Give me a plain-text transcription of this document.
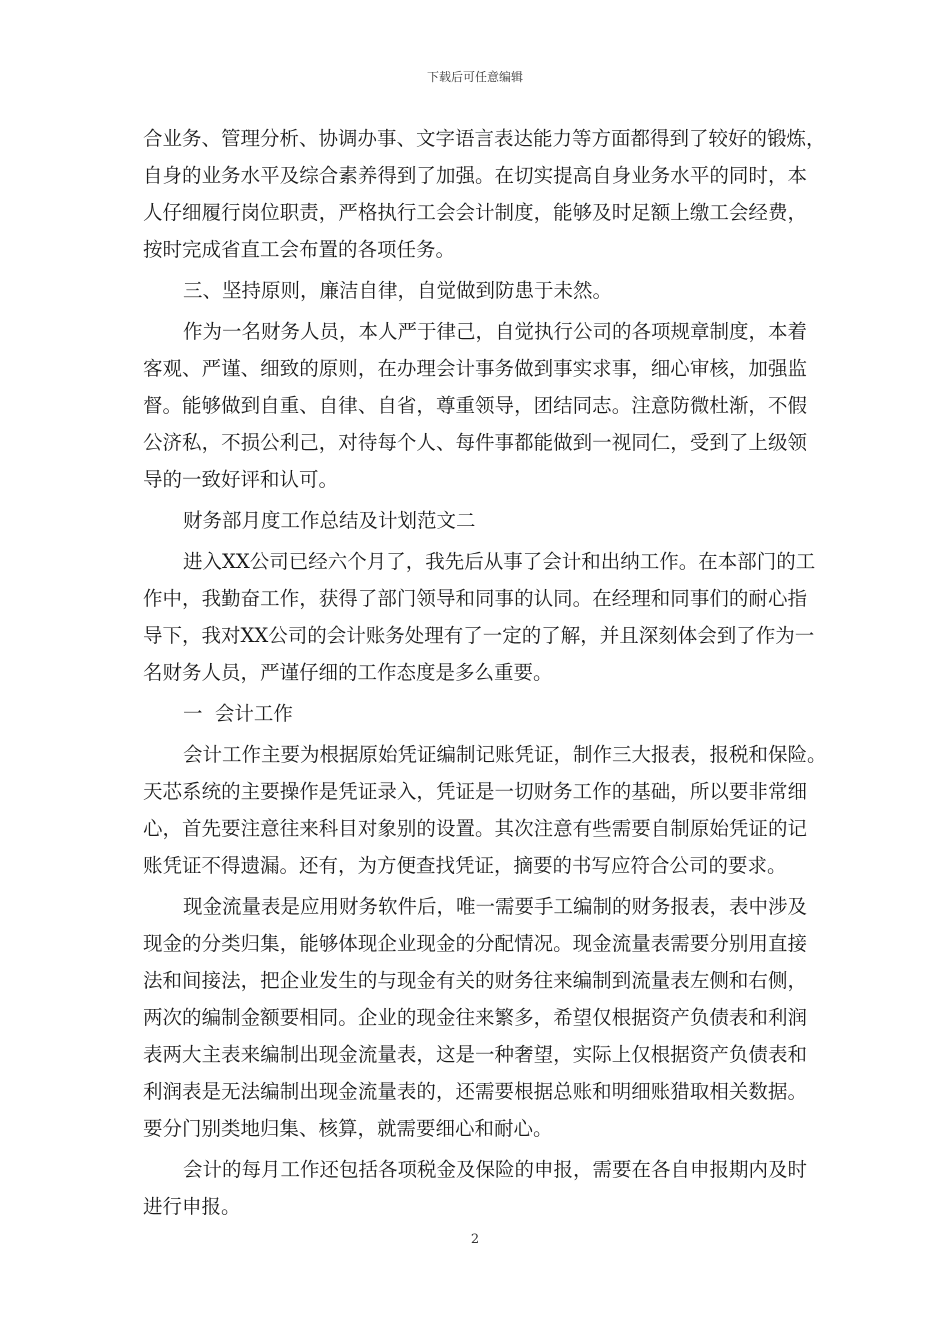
下载后可任意编辑
合业务、管理分析、协调办事、文字语言表达能力等方面都得到了较好的锻炼，
自身的业务水平及综合素养得到了加强。在切实提高自身业务水平的同时，本
人仔细履行岗位职责，严格执行工会会计制度，能够及时足额上缴工会经费，
按时完成省直工会布置的各项任务。
三、坚持原则，廉洁自律，自觉做到防患于未然。
作为一名财务人员，本人严于律己，自觉执行公司的各项规章制度，本着
客观、严谨、细致的原则，在办理会计事务做到事实求事，细心审核，加强监
督。能够做到自重、自律、自省，尊重领导，团结同志。注意防微杜渐，不假
公济私，不损公利己，对待每个人、每件事都能做到一视同仁，受到了上级领
导的一致好评和认可。
财务部月度工作总结及计划范文二
进入XX公司已经六个月了，我先后从事了会计和出纳工作。在本部门的工
作中，我勤奋工作，获得了部门领导和同事的认同。在经理和同事们的耐心指
导下，我对XX公司的会计账务处理有了一定的了解，并且深刻体会到了作为一
名财务人员，严谨仔细的工作态度是多么重要。
一  会计工作
会计工作主要为根据原始凭证编制记账凭证，制作三大报表，报税和保险。
天芯系统的主要操作是凭证录入，凭证是一切财务工作的基础，所以要非常细
心，首先要注意往来科目对象别的设置。其次注意有些需要自制原始凭证的记
账凭证不得遗漏。还有，为方便查找凭证，摘要的书写应符合公司的要求。
现金流量表是应用财务软件后，唯一需要手工编制的财务报表，表中涉及
现金的分类归集，能够体现企业现金的分配情况。现金流量表需要分别用直接
法和间接法，把企业发生的与现金有关的财务往来编制到流量表左侧和右侧，
两次的编制金额要相同。企业的现金往来繁多，希望仅根据资产负债表和利润
表两大主表来编制出现金流量表，这是一种奢望，实际上仅根据资产负债表和
利润表是无法编制出现金流量表的，还需要根据总账和明细账猎取相关数据。
要分门别类地归集、核算，就需要细心和耐心。
会计的每月工作还包括各项税金及保险的申报，需要在各自申报期内及时
进行申报。
2
